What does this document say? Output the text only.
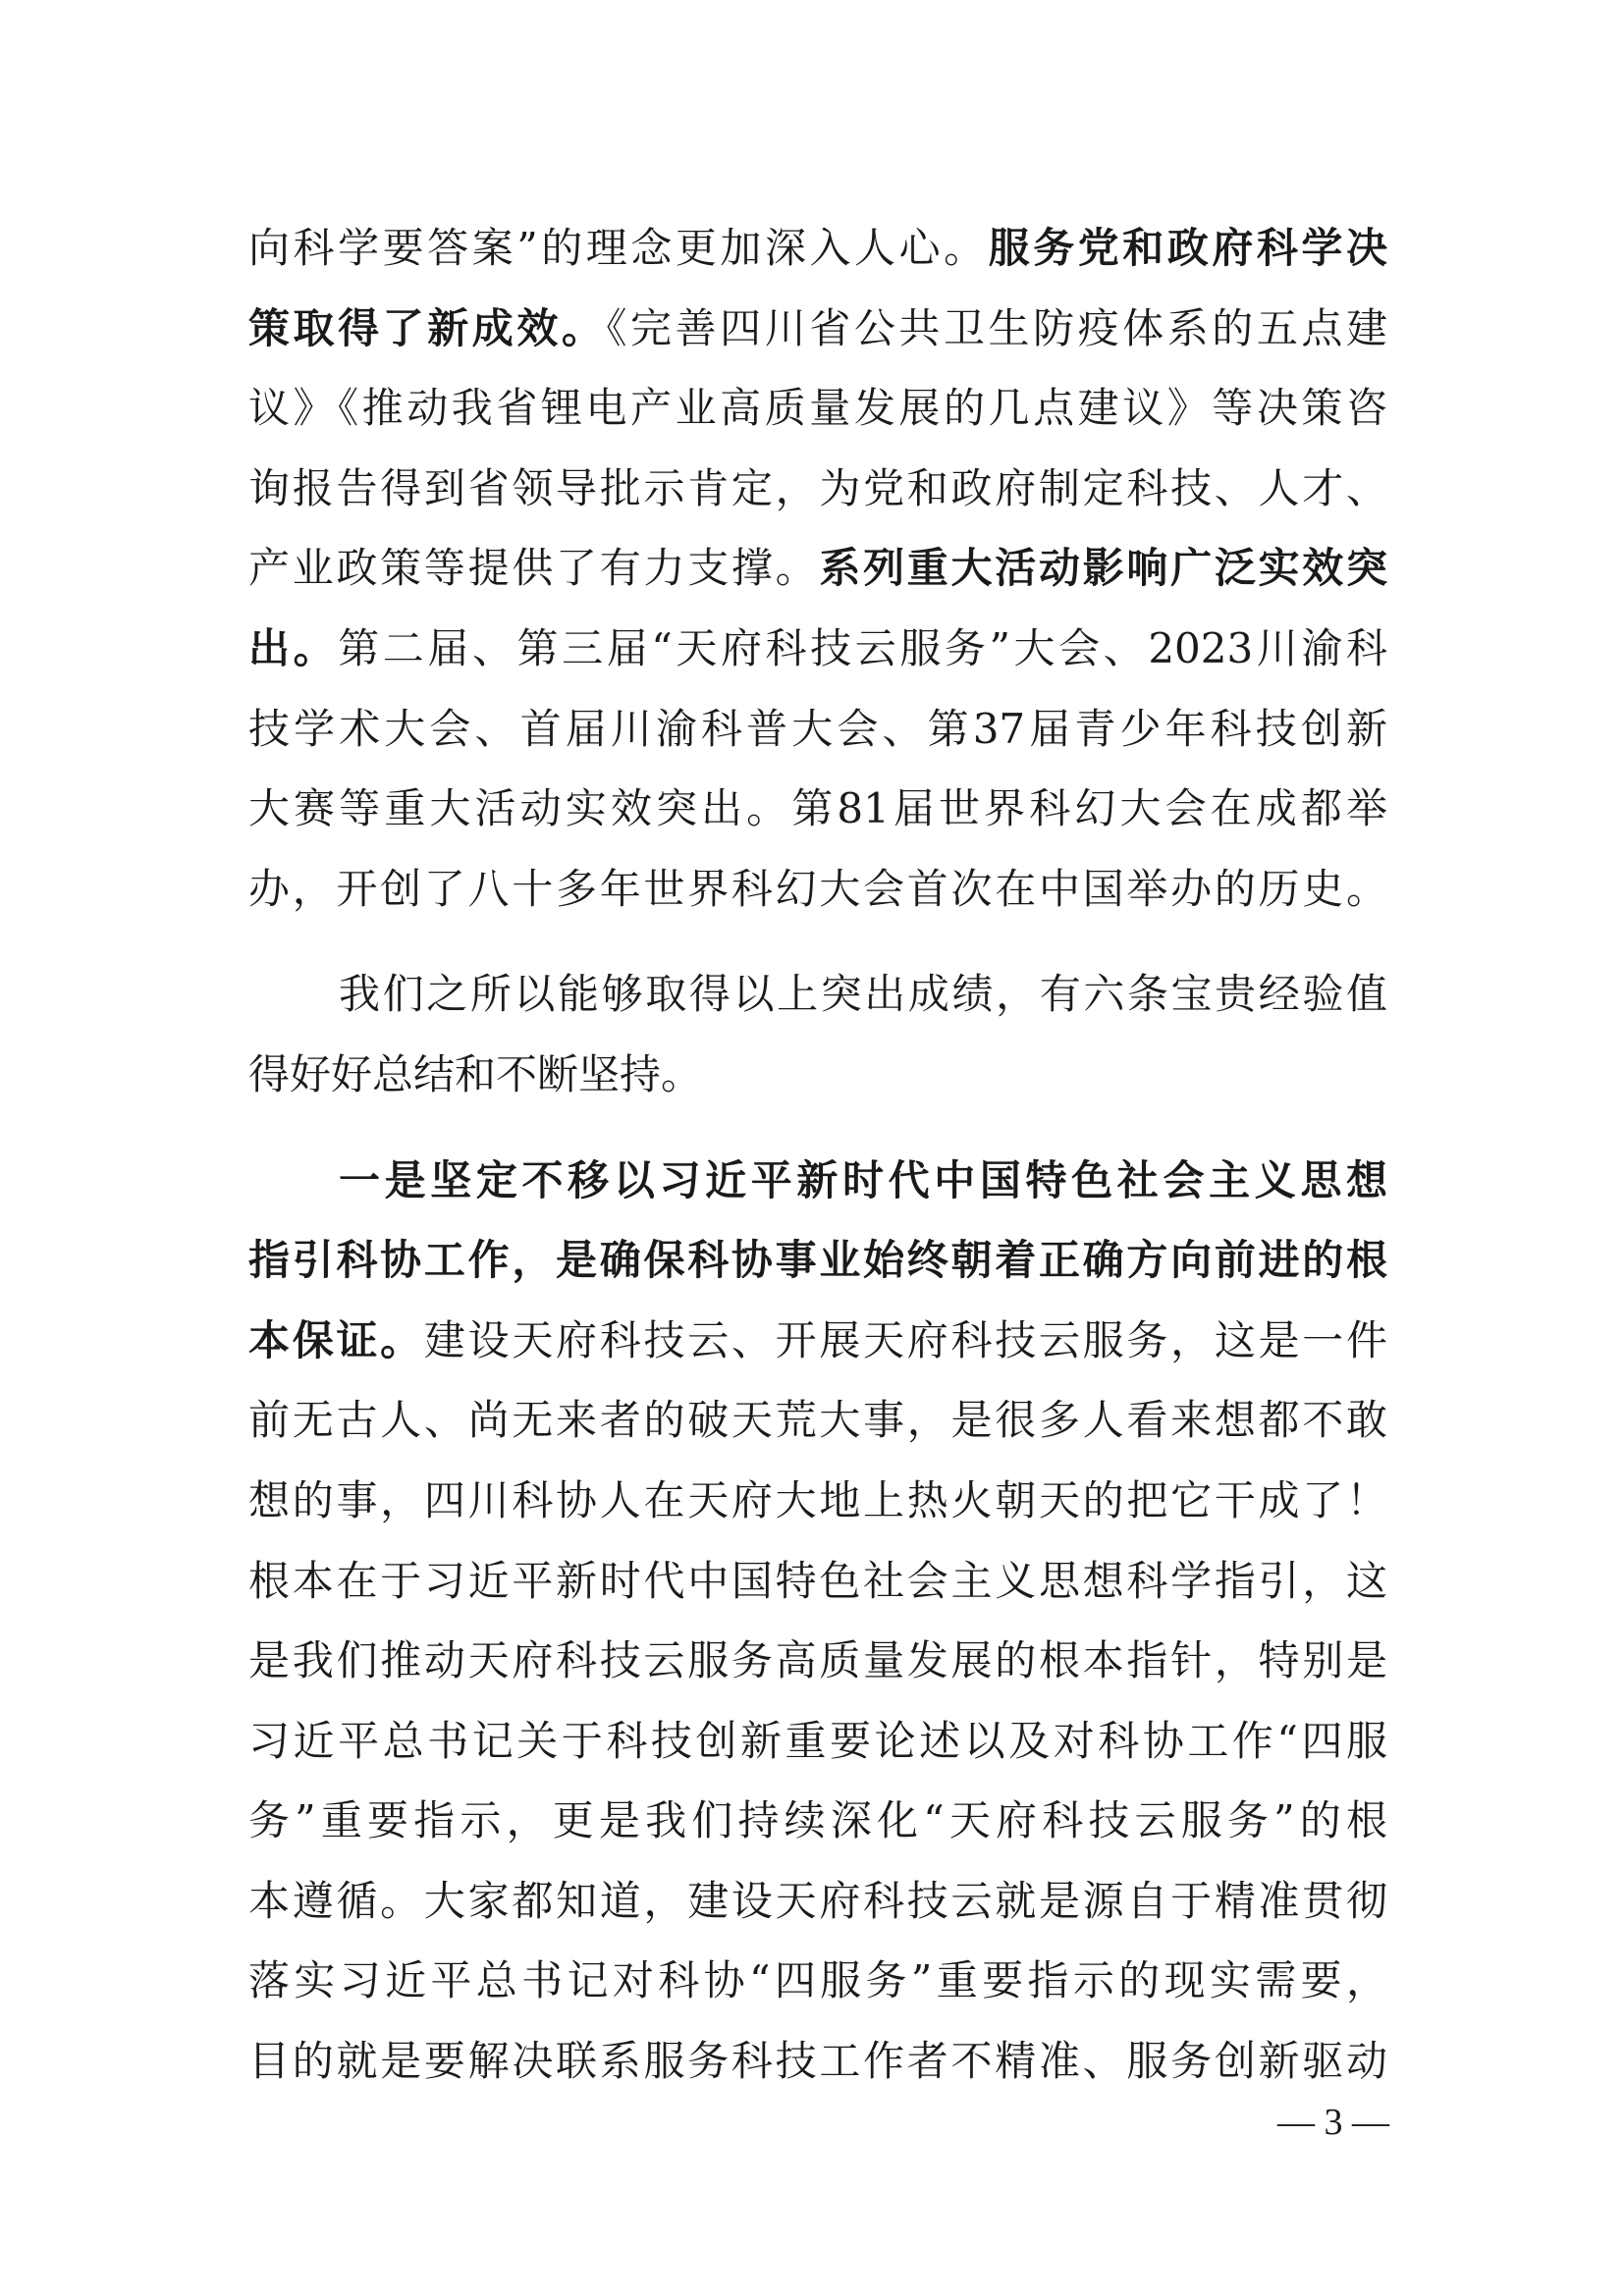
向科学要答案”的理念更加深入人心。服务党和政府科学决
策取得了新成效。《完善四川省公共卫生防疫体系的五点建
议》《推动我省锂电产业高质量发展的几点建议》等决策咨
询报告得到省领导批示肯定，为党和政府制定科技、人才、
产业政策等提供了有力支撑。系列重大活动影响广泛实效突
出。第二届、第三届“天府科技云服务”大会、2023川渝科
技学术大会、首届川渝科普大会、第37届青少年科技创新
大赛等重大活动实效突出。第81届世界科幻大会在成都举
办，开创了八十多年世界科幻大会首次在中国举办的历史。
我们之所以能够取得以上突出成绩，有六条宝贵经验值
得好好总结和不断坚持。
一是坚定不移以习近平新时代中国特色社会主义思想
指引科协工作，是确保科协事业始终朝着正确方向前进的根
本保证。建设天府科技云、开展天府科技云服务，这是一件
前无古人、尚无来者的破天荒大事，是很多人看来想都不敢
想的事，四川科协人在天府大地上热火朝天的把它干成了！
根本在于习近平新时代中国特色社会主义思想科学指引，这
是我们推动天府科技云服务高质量发展的根本指针，特别是
习近平总书记关于科技创新重要论述以及对科协工作“四服
务”重要指示，更是我们持续深化“天府科技云服务”的根
本遵循。大家都知道，建设天府科技云就是源自于精准贯彻
落实习近平总书记对科协“四服务”重要指示的现实需要，
目的就是要解决联系服务科技工作者不精准、服务创新驱动
— 3 —
